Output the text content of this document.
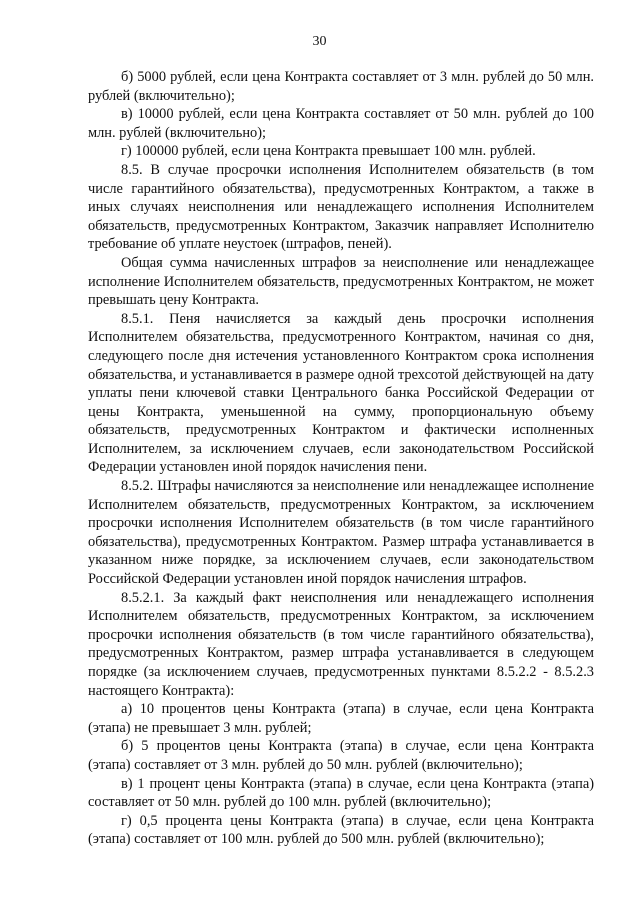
30

б) 5000 рублей, если цена Контракта составляет от 3 млн. рублей до 50 млн. рублей (включительно);

в) 10000 рублей, если цена Контракта составляет от 50 млн. рублей до 100 млн. рублей (включительно);

г) 100000 рублей, если цена Контракта превышает 100 млн. рублей.

8.5. В случае просрочки исполнения Исполнителем обязательств (в том числе гарантийного обязательства), предусмотренных Контрактом, а также в иных случаях неисполнения или ненадлежащего исполнения Исполнителем обязательств, предусмотренных Контрактом, Заказчик направляет Исполнителю требование об уплате неустоек (штрафов, пеней).

Общая сумма начисленных штрафов за неисполнение или ненадлежащее исполнение Исполнителем обязательств, предусмотренных Контрактом, не может превышать цену Контракта.

8.5.1. Пеня начисляется за каждый день просрочки исполнения Исполнителем обязательства, предусмотренного Контрактом, начиная со дня, следующего после дня истечения установленного Контрактом срока исполнения обязательства, и устанавливается в размере одной трехсотой действующей на дату уплаты пени ключевой ставки Центрального банка Российской Федерации от цены Контракта, уменьшенной на сумму, пропорциональную объему обязательств, предусмотренных Контрактом и фактически исполненных Исполнителем, за исключением случаев, если законодательством Российской Федерации установлен иной порядок начисления пени.

8.5.2. Штрафы начисляются за неисполнение или ненадлежащее исполнение Исполнителем обязательств, предусмотренных Контрактом, за исключением просрочки исполнения Исполнителем обязательств (в том числе гарантийного обязательства), предусмотренных Контрактом. Размер штрафа устанавливается в указанном ниже порядке, за исключением случаев, если законодательством Российской Федерации установлен иной порядок начисления штрафов.

8.5.2.1. За каждый факт неисполнения или ненадлежащего исполнения Исполнителем обязательств, предусмотренных Контрактом, за исключением просрочки исполнения обязательств (в том числе гарантийного обязательства), предусмотренных Контрактом, размер штрафа устанавливается в следующем порядке (за исключением случаев, предусмотренных пунктами 8.5.2.2 - 8.5.2.3 настоящего Контракта):

а) 10 процентов цены Контракта (этапа) в случае, если цена Контракта (этапа) не превышает 3 млн. рублей;

б) 5 процентов цены Контракта (этапа) в случае, если цена Контракта (этапа) составляет от 3 млн. рублей до 50 млн. рублей (включительно);

в) 1 процент цены Контракта (этапа) в случае, если цена Контракта (этапа) составляет от 50 млн. рублей до 100 млн. рублей (включительно);

г) 0,5 процента цены Контракта (этапа) в случае, если цена Контракта (этапа) составляет от 100 млн. рублей до 500 млн. рублей (включительно);
